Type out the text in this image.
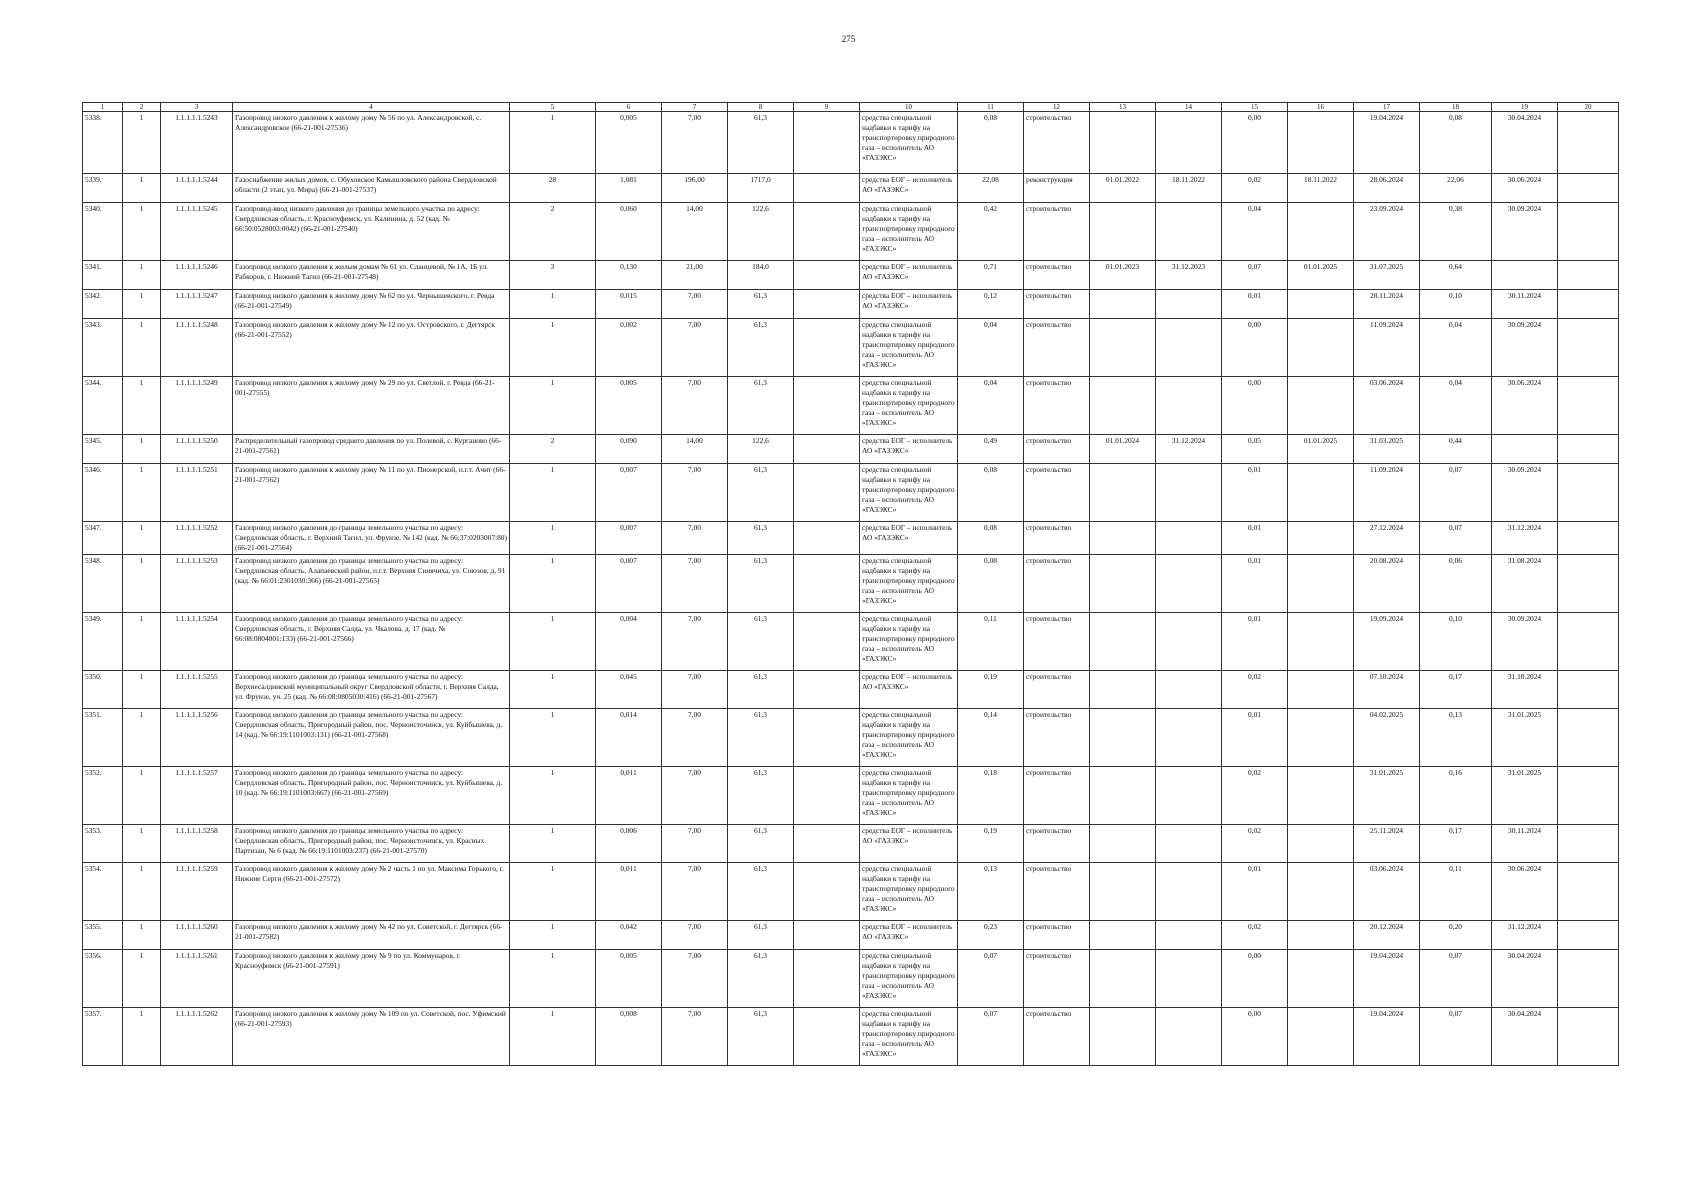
275
1	2	3	4	5	6	7	8	9	10	11	12	13	14	15	16	17	18	19	20
5338.	1	1.1.1.1.1.5243	Газопровод низкого давления к жилому дому № 56 по ул. Александровской, с. Александровское (66-21-001-27536)	1	0,005	7,00	61,3		средства специальной надбавки к тарифу на транспортировку природного газа – исполнитель АО «ГАЗЭКС»	0,08	строительство			0,00		19.04.2024	0,08	30.04.2024	
5339.	1	1.1.1.1.1.5244	Газоснабжение жилых домов, с. Обуховское Камышловского района Свердловской области (2 этап, ул. Мира) (66-21-001-27537)	28	1,081	196,00	1717,0		средства ЕОГ – исполнитель АО «ГАЗЭКС»	22,08	реконструкция	01.01.2022	18.11.2022	0,02	18.11.2022	28.06.2024	22,06	30.06.2024	
5340.	1	1.1.1.1.1.5245	Газопровод-ввод низкого давления до границы земельного участка по адресу: Свердловская область, г. Красноуфимск, ул. Калинина, д. 52 (кад. № 66:50:0528003:0042) (66-21-001-27540)	2	0,060	14,00	122,6		средства специальной надбавки к тарифу на транспортировку природного газа – исполнитель АО «ГАЗЭКС»	0,42	строительство			0,04		23.09.2024	0,38	30.09.2024	
5341.	1	1.1.1.1.1.5246	Газопровод низкого давления к жилым домам № 61 ул. Сланцевой, № 1А, 1Б ул. Рабкоров, г. Нижний Тагил (66-21-001-27548)	3	0,130	21,00	184,0		средства ЕОГ – исполнитель АО «ГАЗЭКС»	0,71	строительство	01.01.2023	31.12.2023	0,07	01.01.2025	31.07.2025	0,64		
5342.	1	1.1.1.1.1.5247	Газопровод низкого давления к жилому дому № 62 по ул. Чернышевского, г. Ревда (66-21-001-27549)	1	0,015	7,00	61,3		средства ЕОГ – исполнитель АО «ГАЗЭКС»	0,12	строительство			0,01		28.11.2024	0,10	30.11.2024	
5343.	1	1.1.1.1.1.5248	Газопровод низкого давления к жилому дому № 12 по ул. Островского, г. Дегтярск (66-21-001-27552)	1	0,002	7,00	61,3		средства специальной надбавки к тарифу на транспортировку природного газа – исполнитель АО «ГАЗЭКС»	0,04	строительство			0,00		11.09.2024	0,04	30.09.2024	
5344.	1	1.1.1.1.1.5249	Газопровод низкого давления к жилому дому № 29 по ул. Светлой, г. Ревда (66-21-001-27555)	1	0,005	7,00	61,3		средства специальной надбавки к тарифу на транспортировку природного газа – исполнитель АО «ГАЗЭКС»	0,04	строительство			0,00		03.06.2024	0,04	30.06.2024	
5345.	1	1.1.1.1.1.5250	Распределительный газопровод среднего давления по ул. Полевой, с. Курганово (66-21-001-27561)	2	0,090	14,00	122,6		средства ЕОГ – исполнитель АО «ГАЗЭКС»	0,49	строительство	01.01.2024	31.12.2024	0,05	01.01.2025	31.03.2025	0,44		
5346.	1	1.1.1.1.1.5251	Газопровод низкого давления к жилому дому № 11 по ул. Пионерской, п.г.т. Ачит (66-21-001-27562)	1	0,007	7,00	61,3		средства специальной надбавки к тарифу на транспортировку природного газа – исполнитель АО «ГАЗЭКС»	0,08	строительство			0,01		11.09.2024	0,07	30.09.2024	
5347.	1	1.1.1.1.1.5252	Газопровод низкого давления до границы земельного участка по адресу: Свердловская область, г. Верхний Тагил, ул. Фрунзе, № 142 (кад. № 66:37:0203007:80) (66-21-001-27564)	1	0,007	7,00	61,3		средства ЕОГ – исполнитель АО «ГАЗЭКС»	0,08	строительство			0,01		27.12.2024	0,07	31.12.2024	
5348.	1	1.1.1.1.1.5253	Газопровод низкого давления до границы земельного участка по адресу: Свердловская область, Алапаевский район, п.г.т. Верхняя Синячиха, ул. Союзов, д. 91 (кад. № 66:01:2301030:366) (66-21-001-27565)	1	0,007	7,00	61,3		средства специальной надбавки к тарифу на транспортировку природного газа – исполнитель АО «ГАЗЭКС»	0,08	строительство			0,01		20.08.2024	0,06	31.08.2024	
5349.	1	1.1.1.1.1.5254	Газопровод низкого давления до границы земельного участка по адресу: Свердловская область, г. Верхняя Салда, ул. Чкалова, д. 17 (кад. № 66:08:0804001:133) (66-21-001-27566)	1	0,004	7,00	61,3		средства специальной надбавки к тарифу на транспортировку природного газа – исполнитель АО «ГАЗЭКС»	0,11	строительство			0,01		19.09.2024	0,10	30.09.2024	
5350.	1	1.1.1.1.1.5255	Газопровод низкого давления до границы земельного участка по адресу: Верхнесалдинский муниципальный округ Свердловской области, г. Верхняя Салда, ул. Фрунзе, уч. 25 (кад. № 66:08:0805030:416) (66-21-001-27567)	1	0,045	7,00	61,3		средства ЕОГ – исполнитель АО «ГАЗЭКС»	0,19	строительство			0,02		07.10.2024	0,17	31.10.2024	
5351.	1	1.1.1.1.1.5256	Газопровод низкого давления до границы земельного участка по адресу: Свердловская область, Пригородный район, пос. Черноисточинск, ул. Куйбышева, д. 14 (кад. № 66:19:1101003:131) (66-21-001-27568)	1	0,014	7,00	61,3		средства специальной надбавки к тарифу на транспортировку природного газа – исполнитель АО «ГАЗЭКС»	0,14	строительство			0,01		04.02.2025	0,13	31.01.2025	
5352.	1	1.1.1.1.1.5257	Газопровод низкого давления до границы земельного участка по адресу: Свердловская область, Пригородный район, пос. Черноисточинск, ул. Куйбышева, д. 10 (кад. № 66:19:1101003:667) (66-21-001-27569)	1	0,011	7,00	61,3		средства специальной надбавки к тарифу на транспортировку природного газа – исполнитель АО «ГАЗЭКС»	0,18	строительство			0,02		31.01.2025	0,16	31.01.2025	
5353.	1	1.1.1.1.1.5258	Газопровод низкого давления до границы земельного участка по адресу: Свердловская область, Пригородный район, пос. Черноисточинск, ул. Красных Партизан, № 6 (кад. № 66:19:1101003:237) (66-21-001-27570)	1	0,006	7,00	61,3		средства ЕОГ – исполнитель АО «ГАЗЭКС»	0,19	строительство			0,02		25.11.2024	0,17	30.11.2024	
5354.	1	1.1.1.1.1.5259	Газопровод низкого давления к жилому дому № 2 часть 1 по ул. Максима Горького, г. Нижние Серги (66-21-001-27572)	1	0,011	7,00	61,3		средства специальной надбавки к тарифу на транспортировку природного газа – исполнитель АО «ГАЗЭКС»	0,13	строительство			0,01		03.06.2024	0,11	30.06.2024	
5355.	1	1.1.1.1.1.5260	Газопровод низкого давления к жилому дому № 42 по ул. Советской, г. Дегтярск (66-21-001-27582)	1	0,042	7,00	61,3		средства ЕОГ – исполнитель АО «ГАЗЭКС»	0,23	строительство			0,02		20.12.2024	0,20	31.12.2024	
5356.	1	1.1.1.1.1.5261	Газопровод низкого давления к жилому дому № 9 по ул. Коммунаров, г. Красноуфимск (66-21-001-27591)	1	0,005	7,00	61,3		средства специальной надбавки к тарифу на транспортировку природного газа – исполнитель АО «ГАЗЭКС»	0,07	строительство			0,00		19.04.2024	0,07	30.04.2024	
5357.	1	1.1.1.1.1.5262	Газопровод низкого давления к жилому дому № 109 по ул. Советской, пос. Уфимский (66-21-001-27593)	1	0,008	7,00	61,3		средства специальной надбавки к тарифу на транспортировку природного газа – исполнитель АО «ГАЗЭКС»	0,07	строительство			0,00		19.04.2024	0,07	30.04.2024	
